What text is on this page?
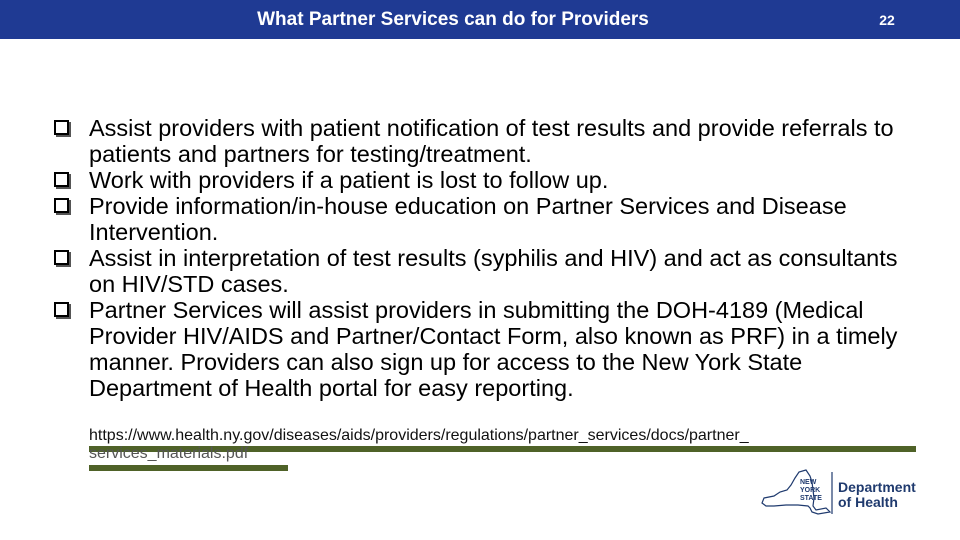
What Partner Services can do for Providers	22
Assist providers with patient notification of test results and provide referrals to patients and partners for testing/treatment.
Work with providers if a patient is lost to follow up.
Provide information/in-house education on Partner Services and Disease Intervention.
Assist in interpretation of test results (syphilis and HIV) and act as consultants on HIV/STD cases.
Partner Services will assist providers in submitting the DOH-4189 (Medical Provider HIV/AIDS and Partner/Contact Form, also known as PRF) in a timely manner. Providers can also sign up for access to the New York State Department of Health portal for easy reporting.
https://www.health.ny.gov/diseases/aids/providers/regulations/partner_services/docs/partner_
services_materials.pdf
NEW
YORK
STATE
Department
of Health
